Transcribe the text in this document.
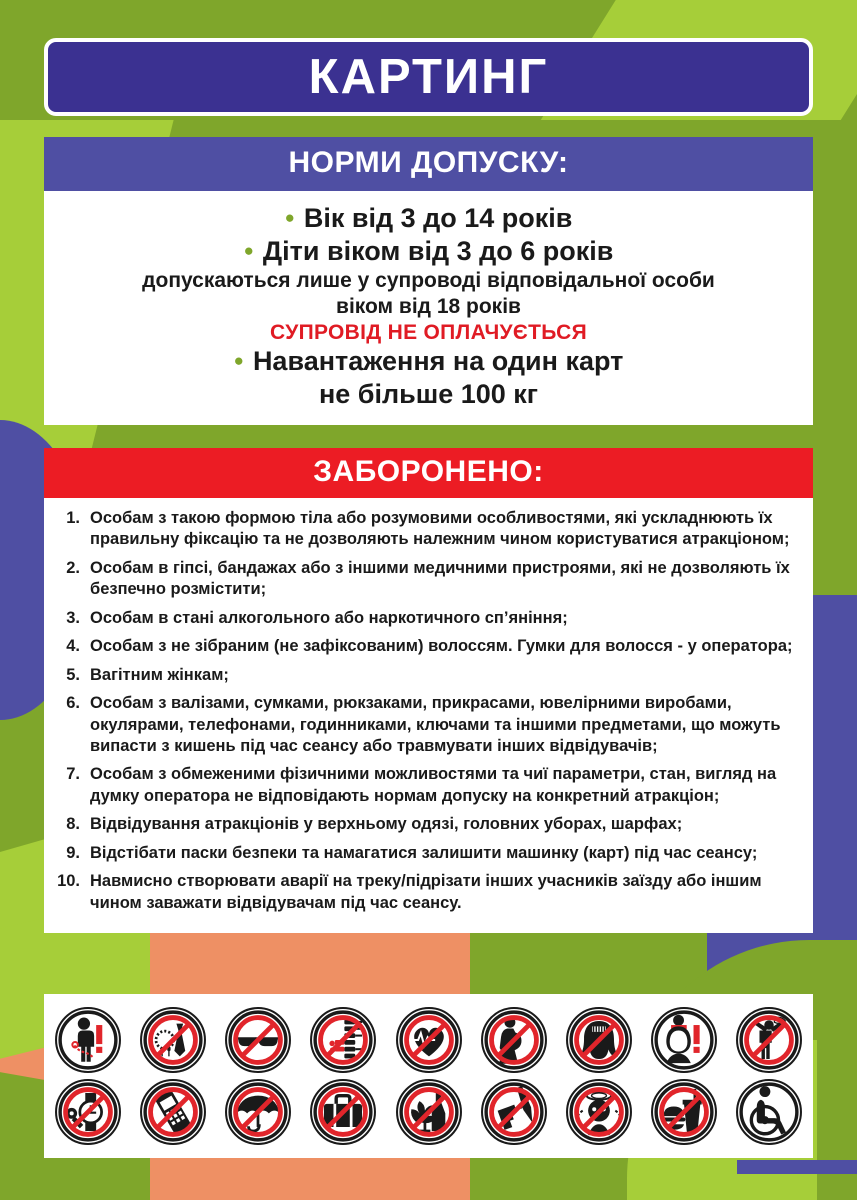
КАРТИНГ
НОРМИ ДОПУСКУ:
● Вік від 3 до 14 років
● Діти віком від 3 до 6 років
допускаються лише у супроводі відповідальної особи
віком від 18 років
СУПРОВІД НЕ ОПЛАЧУЄТЬСЯ
● Навантаження на один карт
не більше 100 кг
ЗАБОРОНЕНО:
1. Особам з такою формою тіла або розумовими особливостями, які ускладнюють їх правильну фіксацію та не дозволяють належним чином користуватися атракціоном;
2. Особам в гіпсі, бандажах або з іншими медичними пристроями, які не дозволяють їх безпечно розмістити;
3. Особам в стані алкогольного або наркотичного сп’яніння;
4. Особам з не зібраним (не зафіксованим) волоссям. Гумки для волосся - у оператора;
5. Вагітним жінкам;
6. Особам з валізами, сумками, рюкзаками, прикрасами, ювелірними виробами, окулярами, телефонами, годинниками, ключами та іншими предметами, що можуть випасти з кишень під час сеансу або травмувати інших відвідувачів;
7. Особам з обмеженими фізичними можливостями та чиї параметри, стан, вигляд на думку оператора не відповідають нормам допуску на конкретний атракціон;
8. Відвідування атракціонів у верхньому одязі, головних уборах, шарфах;
9. Відстібати паски безпеки та намагатися залишити машинку (карт) під час сеансу;
10. Навмисно створювати аварії на треку/підрізати інших учасників заїзду або іншим чином заважати відвідувачам під час сеансу.
